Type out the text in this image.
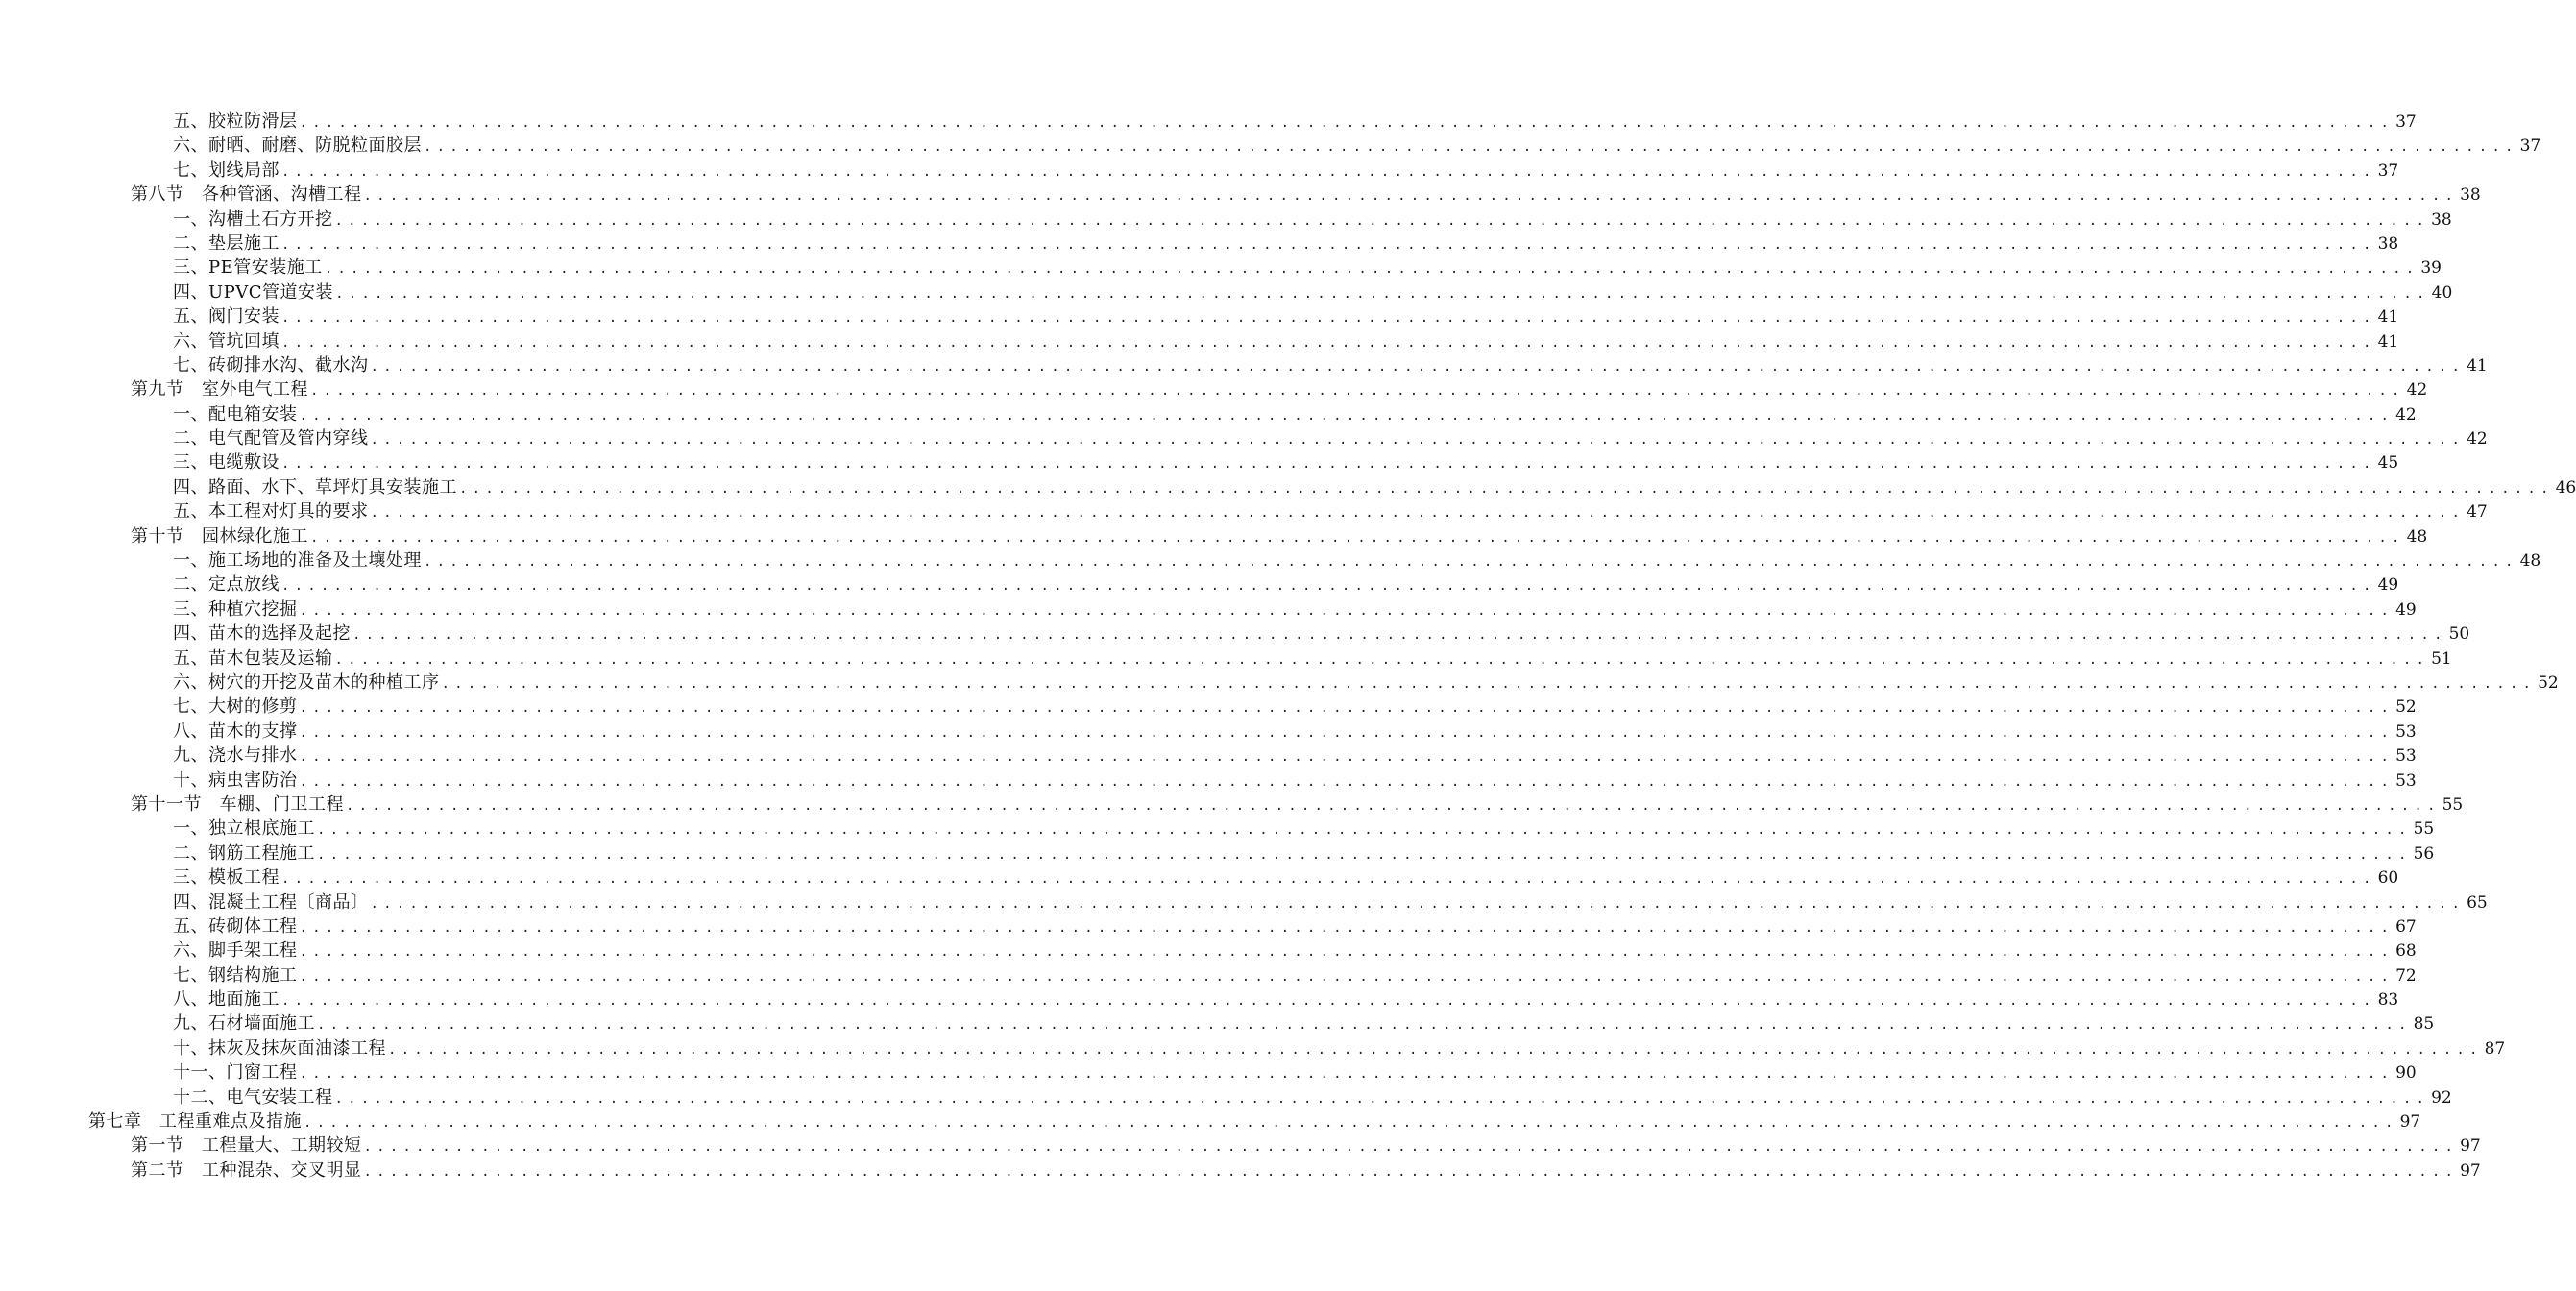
五、胶粒防滑层 ................................................................................................................................................................ 37
六、耐晒、耐磨、防脱粒面胶层 ................................................................................................................................................................ 37
七、划线局部 ................................................................................................................................................................ 37
第八节　各种管涵、沟槽工程 ................................................................................................................................................................ 38
一、沟槽土石方开挖 ................................................................................................................................................................ 38
二、垫层施工 ................................................................................................................................................................ 38
三、PE管安装施工 ................................................................................................................................................................ 39
四、UPVC管道安装 ................................................................................................................................................................ 40
五、阀门安装 ................................................................................................................................................................ 41
六、管坑回填 ................................................................................................................................................................ 41
七、砖砌排水沟、截水沟 ................................................................................................................................................................ 41
第九节　室外电气工程 ................................................................................................................................................................ 42
一、配电箱安装 ................................................................................................................................................................ 42
二、电气配管及管内穿线 ................................................................................................................................................................ 42
三、电缆敷设 ................................................................................................................................................................ 45
四、路面、水下、草坪灯具安装施工 ................................................................................................................................................................ 46
五、本工程对灯具的要求 ................................................................................................................................................................ 47
第十节　园林绿化施工 ................................................................................................................................................................ 48
一、施工场地的准备及土壤处理 ................................................................................................................................................................ 48
二、定点放线 ................................................................................................................................................................ 49
三、种植穴挖掘 ................................................................................................................................................................ 49
四、苗木的选择及起挖 ................................................................................................................................................................ 50
五、苗木包装及运输 ................................................................................................................................................................ 51
六、树穴的开挖及苗木的种植工序 ................................................................................................................................................................ 52
七、大树的修剪 ................................................................................................................................................................ 52
八、苗木的支撑 ................................................................................................................................................................ 53
九、浇水与排水 ................................................................................................................................................................ 53
十、病虫害防治 ................................................................................................................................................................ 53
第十一节　车棚、门卫工程 ................................................................................................................................................................ 55
一、独立根底施工 ................................................................................................................................................................ 55
二、钢筋工程施工 ................................................................................................................................................................ 56
三、模板工程 ................................................................................................................................................................ 60
四、混凝土工程〔商品〕 ................................................................................................................................................................ 65
五、砖砌体工程 ................................................................................................................................................................ 67
六、脚手架工程 ................................................................................................................................................................ 68
七、钢结构施工 ................................................................................................................................................................ 72
八、地面施工 ................................................................................................................................................................ 83
九、石材墙面施工 ................................................................................................................................................................ 85
十、抹灰及抹灰面油漆工程 ................................................................................................................................................................ 87
十一、门窗工程 ................................................................................................................................................................ 90
十二、电气安装工程 ................................................................................................................................................................ 92
第七章　工程重难点及措施 ................................................................................................................................................................ 97
第一节　工程量大、工期较短 ................................................................................................................................................................ 97
第二节　工种混杂、交叉明显 ................................................................................................................................................................ 97
